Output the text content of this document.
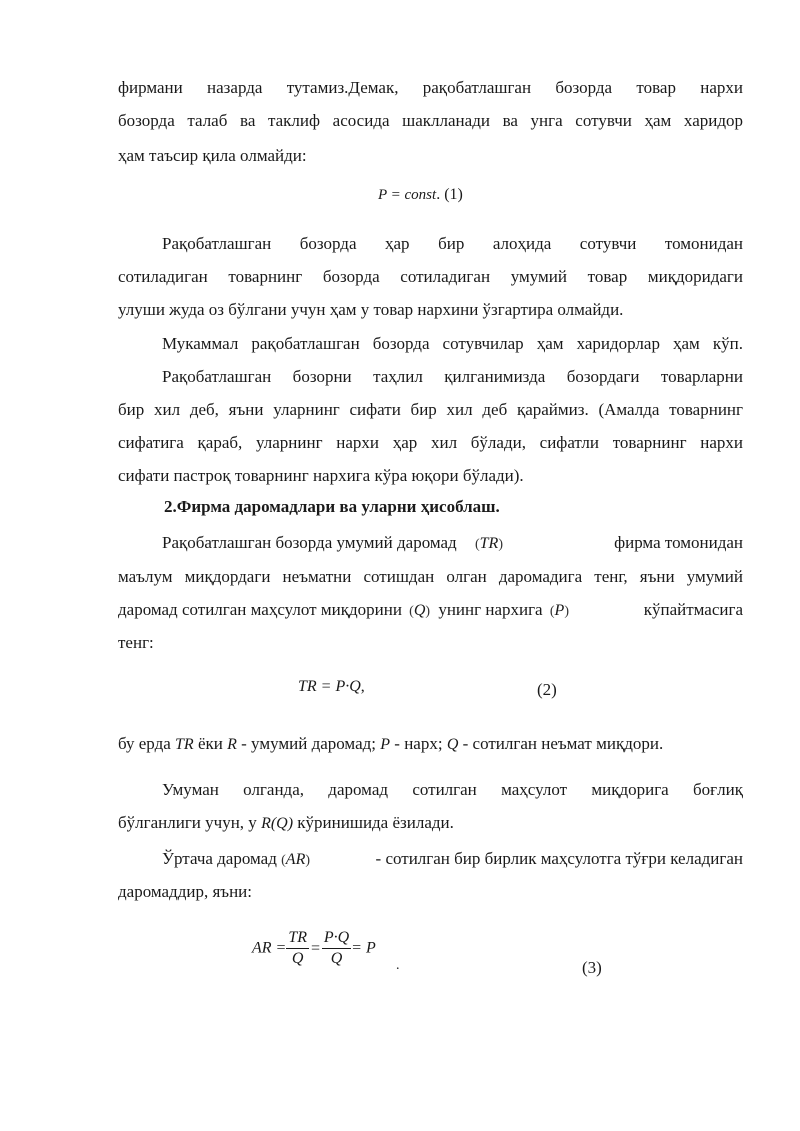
фирмани назарда тутамиз.Демак, рақобатлашган бозорда товар нархи
бозорда талаб ва таклиф асосида шаклланади ва унга сотувчи ҳам харидор
ҳам таъсир қила олмайди:
P = const. (1)
Рақобатлашган бозорда ҳар бир алоҳида сотувчи томонидан
сотиладиган товарнинг бозорда сотиладиган умумий товар миқдоридаги
улуши жуда оз бўлгани учун ҳам у товар нархини ўзгартира олмайди.
Мукаммал рақобатлашган бозорда сотувчилар ҳам харидорлар ҳам кўп.
Рақобатлашган бозорни таҳлил қилганимизда бозордаги товарларни
бир хил деб, яъни уларнинг сифати бир хил деб қараймиз. (Амалда товарнинг
сифатига қараб, уларнинг нархи ҳар хил бўлади, сифатли товарнинг нархи
сифати пастроқ товарнинг нархига кўра юқори бўлади).
2.Фирма даромадлари ва уларни ҳисоблаш.
Рақобатлашган бозорда умумий даромад (TR)	фирма томонидан
маълум миқдордаги неъматни сотишдан олган даромадига тенг, яъни умумий
даромад сотилган маҳсулот миқдорини (Q) унинг нархига (P)	кўпайтмасига
тенг:
TR = P·Q,	(2)
бу ерда TR ёки R - умумий даромад; P - нарх; Q - сотилган неъмат миқдори.
Умуман олганда, даромад сотилган маҳсулот миқдорига боғлиқ
бўлганлиги учун, у R(Q) кўринишида ёзилади.
Ўртача даромад (AR)	- сотилган бир бирлик маҳсулотга тўғри келадиган
даромаддир, яъни:
AR = $\frac{TR}{Q} = \frac{P\cdot Q}{Q} = P$
.	(3)
